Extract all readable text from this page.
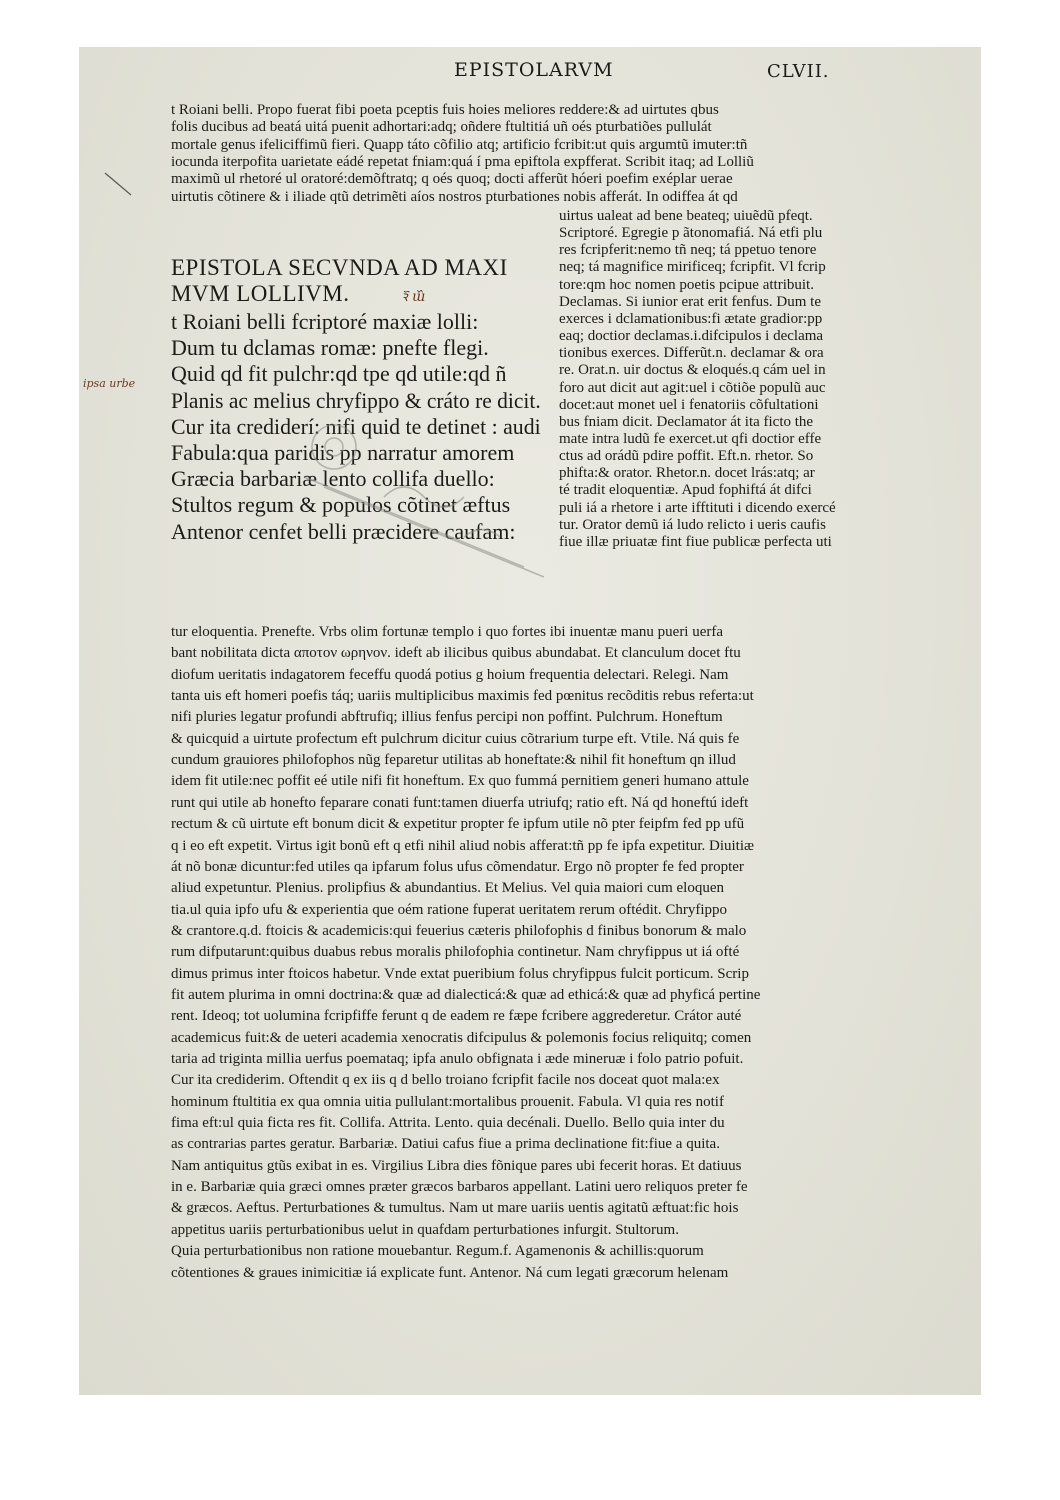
EPISTOLARVM	CLVII.
t Roiani belli. Propo fuerat fibi poeta pceptis fuis hoies meliores reddere:& ad uirtutes qbus
folis ducibus ad beatá uitá puenit adhortari:adq; oñdere ftultitiá uñ oés pturbatiões pullulát
mortale genus ifeliciffimũ fieri. Quapp táto cõfilio atq; artificio fcribit:ut quis argumtũ imuter:tñ
iocunda iterpofita uarietate eádé repetat fniam:quá í pma epiftola expfferat. Scribit itaq; ad Lolliũ
maximũ ul rhetoré ul oratoré:demõftratq; q oés quoq; docti afferũt hóeri poefim exéplar uerae
uirtutis cõtinere & i iliade qtũ detrimẽti aíos nostros pturbationes nobis afferát. In odiffea át qd
uirtus ualeat ad bene beateq; uiuẽdũ pfeqt.
Scriptoré. Egregie p ãtonomafiá. Ná etfi plu
res fcripferit:nemo tñ neq; tá ppetuo tenore
neq; tá magnifice mirificeq; fcripfit. Vl fcrip
tore:qm hoc nomen poetis pcipue attribuit.
Declamas. Si iunior erat erit fenfus. Dum te
exerces i dclamationibus:fi ætate gradior:pp
eaq; doctior declamas.i.difcipulos i declama
tionibus exerces. Differũt.n. declamar & ora
re. Orat.n. uir doctus & eloqués.q cám uel in
foro aut dicit aut agit:uel i cõtiõe populũ auc
docet:aut monet uel i fenatoriis cõfultationi
bus fniam dicit. Declamator át ita ficto the
mate intra ludũ fe exercet.ut qfi doctior effe
ctus ad orádũ pdire poffit. Eft.n. rhetor. So
phifta:& orator. Rhetor.n. docet lrás:atq; ar
té tradit eloquentiæ. Apud fophiftá át difci
puli iá a rhetore i arte ifftituti i dicendo exercé
tur. Orator demũ iá ludo relicto i ueris caufis
fiue illæ priuatæ fint fiue publicæ perfecta uti
EPISTOLA SECVNDA AD MAXI
MVM LOLLIVM.
t Roiani belli fcriptoré maxiæ lolli:
Dum tu dclamas romæ: pnefte flegi.
Quid qd fit pulchr:qd tpe qd utile:qd ñ
Planis ac melius chryfippo & cráto re dicit.
Cur ita crediderí: nifi quid te detinet : audi
Fabula:qua paridis pp narratur amorem
Græcia barbariæ lento collifa duello:
Stultos regum & populos cõtinet æftus
Antenor cenfet belli præcidere caufam:
tur eloquentia. Prenefte. Vrbs olim fortunæ templo i quo fortes ibi inuentæ manu pueri uerfa
bant nobilitata dicta απoτoν ωρηνον. ideft ab ilicibus quibus abundabat. Et clanculum docet ftu
diofum ueritatis indagatorem feceffu quodá potius g hoium frequentia delectari. Relegi. Nam
tanta uis eft homeri poefis táq; uariis multiplicibus maximis fed pœnitus recõditis rebus referta:ut
nifi pluries legatur profundi abftrufiq; illius fenfus percipi non poffint. Pulchrum. Honeftum
& quicquid a uirtute profectum eft pulchrum dicitur cuius cõtrarium turpe eft. Vtile. Ná quis fe
cundum grauiores philofophos nũg feparetur utilitas ab honeftate:& nihil fit honeftum qn illud
idem fit utile:nec poffit eé utile nifi fit honeftum. Ex quo fummá pernitiem generi humano attule
runt qui utile ab honefto feparare conati funt:tamen diuerfa utriufq; ratio eft. Ná qd honeftú ideft
rectum & cũ uirtute eft bonum dicit & expetitur propter fe ipfum utile nõ pter feipfm fed pp ufũ
q i eo eft expetit. Virtus igit bonũ eft q etfi nihil aliud nobis afferat:tñ pp fe ipfa expetitur. Diuitiæ
át nõ bonæ dicuntur:fed utiles qa ipfarum folus ufus cõmendatur. Ergo nõ propter fe fed propter
aliud expetuntur. Plenius. prolipfius & abundantius. Et Melius. Vel quia maiori cum eloquen
tia.ul quia ipfo ufu & experientia que oém ratione fuperat ueritatem rerum oftédit. Chryfippo
& crantore.q.d. ftoicis & academicis:qui feuerius cæteris philofophis d finibus bonorum & malo
rum difputarunt:quibus duabus rebus moralis philofophia continetur. Nam chryfippus ut iá ofté
dimus primus inter ftoicos habetur. Vnde extat pueribium folus chryfippus fulcit porticum. Scrip
fit autem plurima in omni doctrina:& quæ ad dialecticá:& quæ ad ethicá:& quæ ad phyficá pertine
rent. Ideoq; tot uolumina fcripfiffe ferunt q de eadem re fæpe fcribere aggrederetur. Crátor auté
academicus fuit:& de ueteri academia xenocratis difcipulus & polemonis focius reliquitq; comen
taria ad triginta millia uerfus poemataq; ipfa anulo obfignata i æde mineruæ i folo patrio pofuit.
Cur ita crediderim. Oftendit q ex iis q d bello troiano fcripfit facile nos doceat quot mala:ex
hominum ftultitia ex qua omnia uitia pullulant:mortalibus prouenit. Fabula. Vl quia res notif
fima eft:ul quia ficta res fit. Collifa. Attrita. Lento. quia decénali. Duello. Bello quia inter du
as contrarias partes geratur. Barbariæ. Datiui cafus fiue a prima declinatione fit:fiue a quita.
Nam antiquitus gtũs exibat in es. Virgilius Libra dies fõnique pares ubi fecerit horas. Et datiuus
in e. Barbariæ quia græci omnes præter græcos barbaros appellant. Latini uero reliquos preter fe
& græcos. Aeftus. Perturbationes & tumultus. Nam ut mare uariis uentis agitatũ æftuat:fic hois
appetitus uariis perturbationibus uelut in quafdam perturbationes infurgit. Stultorum.
Quia perturbationibus non ratione mouebantur. Regum.f. Agamenonis & achillis:quorum
cõtentiones & graues inimicitiæ iá explicate funt. Antenor. Ná cum legati græcorum helenam
ipsa urbe
ꝛ᷈ ɯ᷈
